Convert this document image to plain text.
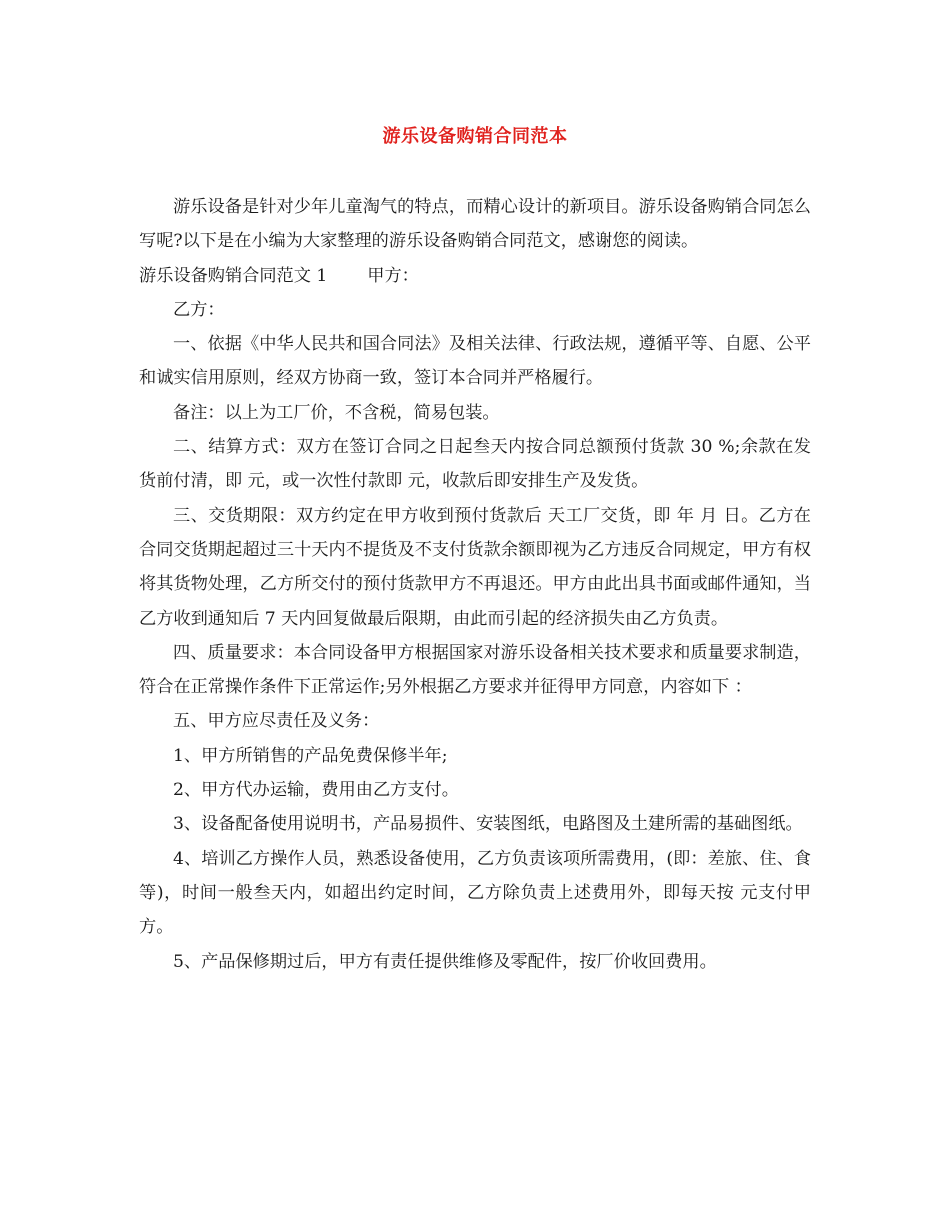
游乐设备购销合同范本

游乐设备是针对少年儿童淘气的特点，而精心设计的新项目。游乐设备购销合同怎么写呢?以下是在小编为大家整理的游乐设备购销合同范文，感谢您的阅读。

游乐设备购销合同范文 1 甲方：

乙方：

一、依据《中华人民共和国合同法》及相关法律、行政法规，遵循平等、自愿、公平和诚实信用原则，经双方协商一致，签订本合同并严格履行。

备注：以上为工厂价，不含税，简易包装。

二、结算方式：双方在签订合同之日起叁天内按合同总额预付货款 30 %;余款在发货前付清，即 元，或一次性付款即 元，收款后即安排生产及发货。

三、交货期限：双方约定在甲方收到预付货款后 天工厂交货，即 年 月 日。乙方在合同交货期起超过三十天内不提货及不支付货款余额即视为乙方违反合同规定，甲方有权将其货物处理，乙方所交付的预付货款甲方不再退还。甲方由此出具书面或邮件通知，当乙方收到通知后 7 天内回复做最后限期，由此而引起的经济损失由乙方负责。

四、质量要求：本合同设备甲方根据国家对游乐设备相关技术要求和质量要求制造，符合在正常操作条件下正常运作;另外根据乙方要求并征得甲方同意，内容如下 ：

五、甲方应尽责任及义务：

1、甲方所销售的产品免费保修半年;

2、甲方代办运输，费用由乙方支付。

3、设备配备使用说明书，产品易损件、安装图纸，电路图及土建所需的基础图纸。

4、培训乙方操作人员，熟悉设备使用，乙方负责该项所需费用，(即：差旅、住、食等)，时间一般叁天内，如超出约定时间，乙方除负责上述费用外，即每天按 元支付甲方。

5、产品保修期过后，甲方有责任提供维修及零配件，按厂价收回费用。
